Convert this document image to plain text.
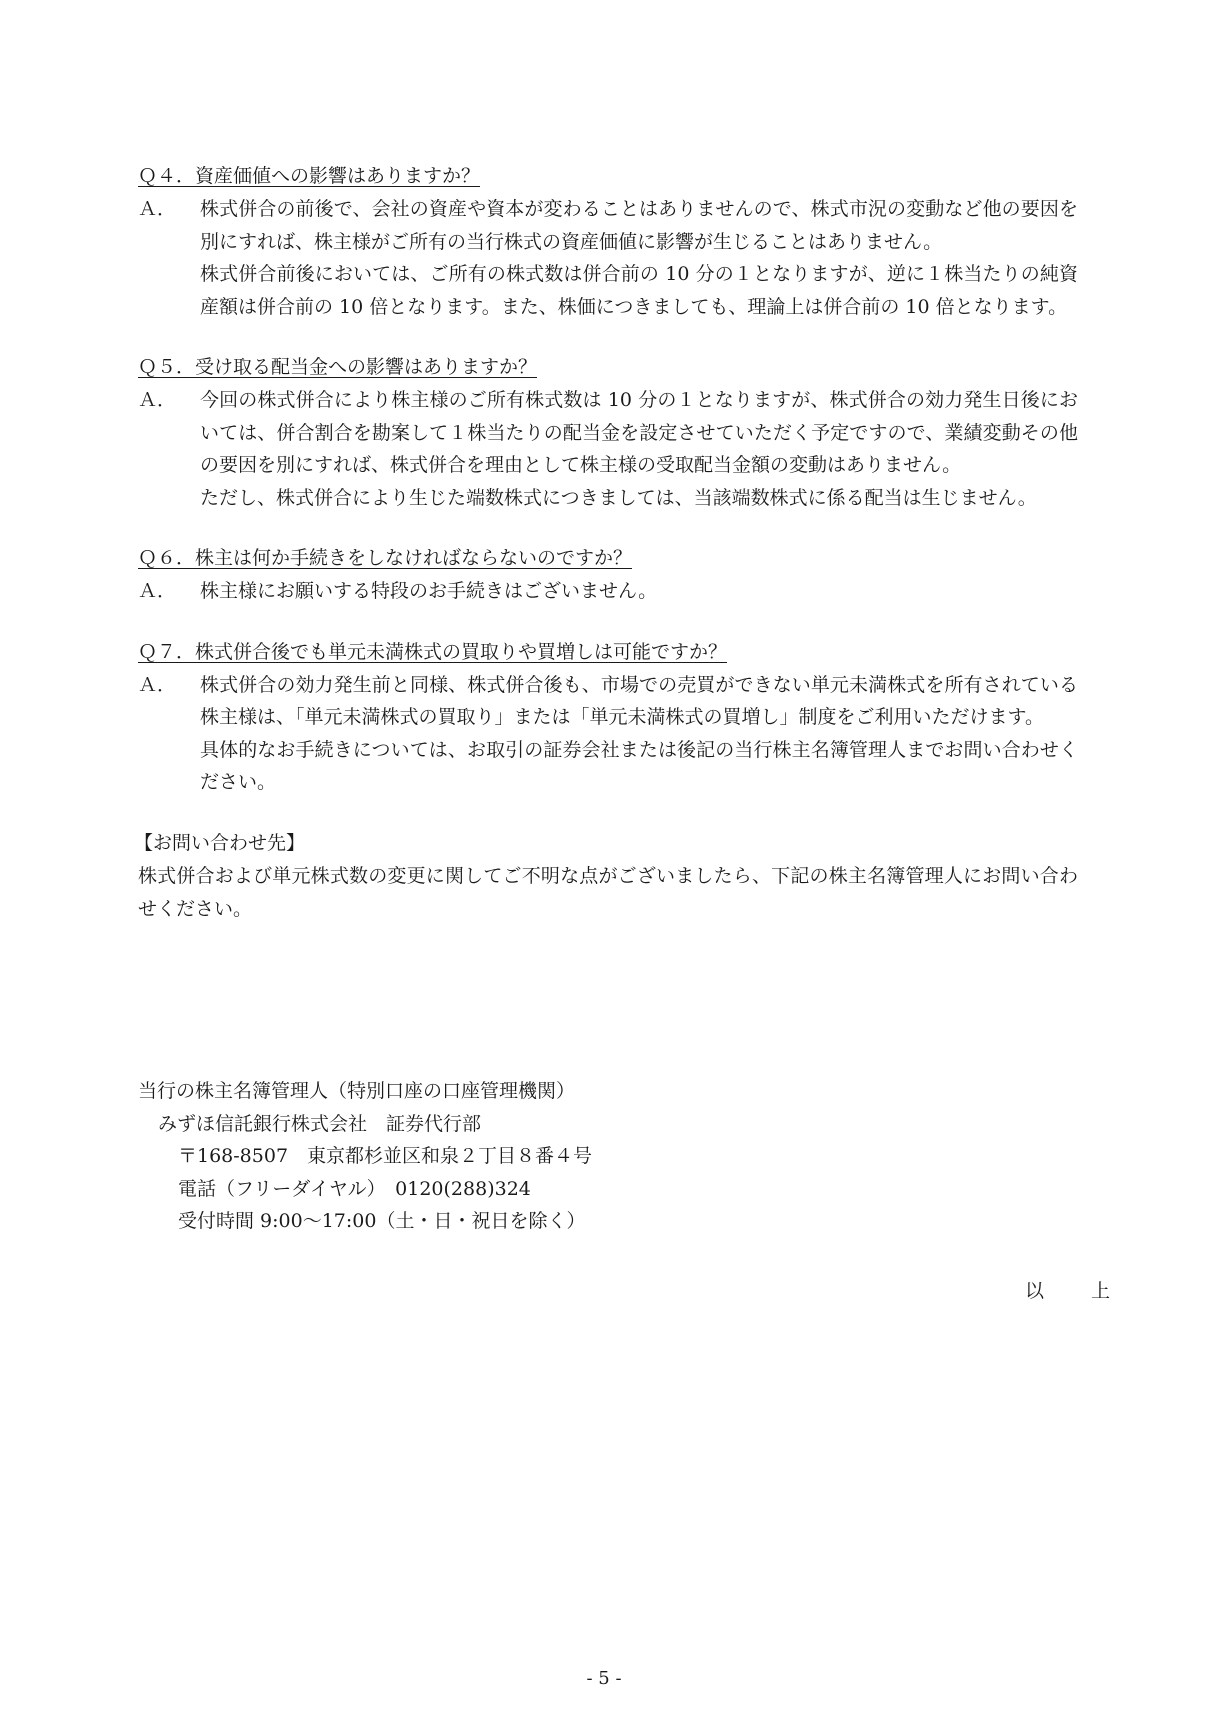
Ｑ４．資産価値への影響はありますか？
Ａ． 株式併合の前後で、会社の資産や資本が変わることはありませんので、株式市況の変動など他の要因を別にすれば、株主様がご所有の当行株式の資産価値に影響が生じることはありません。

株式併合前後においては、ご所有の株式数は併合前の 10 分の１となりますが、逆に１株当たりの純資産額は併合前の 10 倍となります。また、株価につきましても、理論上は併合前の 10 倍となります。

Ｑ５．受け取る配当金への影響はありますか？
Ａ． 今回の株式併合により株主様のご所有株式数は 10 分の１となりますが、株式併合の効力発生日後においては、併合割合を勘案して１株当たりの配当金を設定させていただく予定ですので、業績変動その他の要因を別にすれば、株式併合を理由として株主様の受取配当金額の変動はありません。

ただし、株式併合により生じた端数株式につきましては、当該端数株式に係る配当は生じません。

Ｑ６．株主は何か手続きをしなければならないのですか？
Ａ． 株主様にお願いする特段のお手続きはございません。

Ｑ７．株式併合後でも単元未満株式の買取りや買増しは可能ですか？
Ａ． 株式併合の効力発生前と同様、株式併合後も、市場での売買ができない単元未満株式を所有されている株主様は、「単元未満株式の買取り」または「単元未満株式の買増し」制度をご利用いただけます。

具体的なお手続きについては、お取引の証券会社または後記の当行株主名簿管理人までお問い合わせください。

【お問い合わせ先】

株式併合および単元株式数の変更に関してご不明な点がございましたら、下記の株主名簿管理人にお問い合わせください。

当行の株主名簿管理人（特別口座の口座管理機関）
みずほ信託銀行株式会社　証券代行部
〒168-8507　東京都杉並区和泉２丁目８番４号
電話（フリーダイヤル）　0120(288)324
受付時間 9:00～17:00（土・日・祝日を除く）
以　上
- 5 -
